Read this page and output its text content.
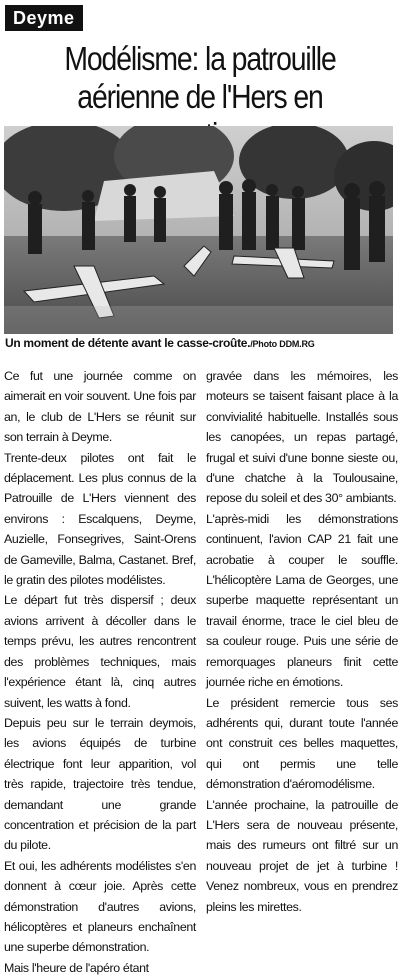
Deyme
Modélisme: la patrouille aérienne de l'Hers en
Un moment de détente avant le casse-croûte./Photo DDM.RG

Ce fut une journée comme on aimerait en voir souvent. Une fois par an, le club de L'Hers se réunit sur son terrain à Deyme.

Trente-deux pilotes ont fait le déplacement. Les plus connus de la Patrouille de L'Hers viennent des environs : Escalquens, Deyme, Auzielle, Fonsegrives, Saint-Orens de Gameville, Balma, Castanet. Bref, le gratin des pilotes modélistes.

Le départ fut très dispersif ; deux avions arrivent à décoller dans le temps prévu, les autres rencontrent des problèmes techniques, mais l'expérience étant là, cinq autres suivent, les watts à fond.

Depuis peu sur le terrain deymois, les avions équipés de turbine électrique font leur apparition, vol très rapide, trajectoire très tendue, demandant une grande concentration et précision de la part du pilote.

Et oui, les adhérents modélistes s'en donnent à cœur joie. Après cette démonstration d'autres avions, hélicoptères et planeurs enchaînent une superbe démonstration.

Mais l'heure de l'apéro étant

gravée dans les mémoires, les moteurs se taisent faisant place à la convivialité habituelle. Installés sous les canopées, un repas partagé, frugal et suivi d'une bonne sieste ou, d'une chatche à la Toulousaine, repose du soleil et des 30° ambiants.

L'après-midi les démonstrations continuent, l'avion CAP 21 fait une acrobatie à couper le souffle. L'hélicoptère Lama de Georges, une superbe maquette représentant un travail énorme, trace le ciel bleu de sa couleur rouge. Puis une série de remorquages planeurs finit cette journée riche en émotions.

Le président remercie tous ses adhérents qui, durant toute l'année ont construit ces belles maquettes, qui ont permis une telle démonstration d'aéromodélisme.

L'année prochaine, la patrouille de L'Hers sera de nouveau présente, mais des rumeurs ont filtré sur un nouveau projet de jet à turbine ! Venez nombreux, vous en prendrez pleins les mirettes.
